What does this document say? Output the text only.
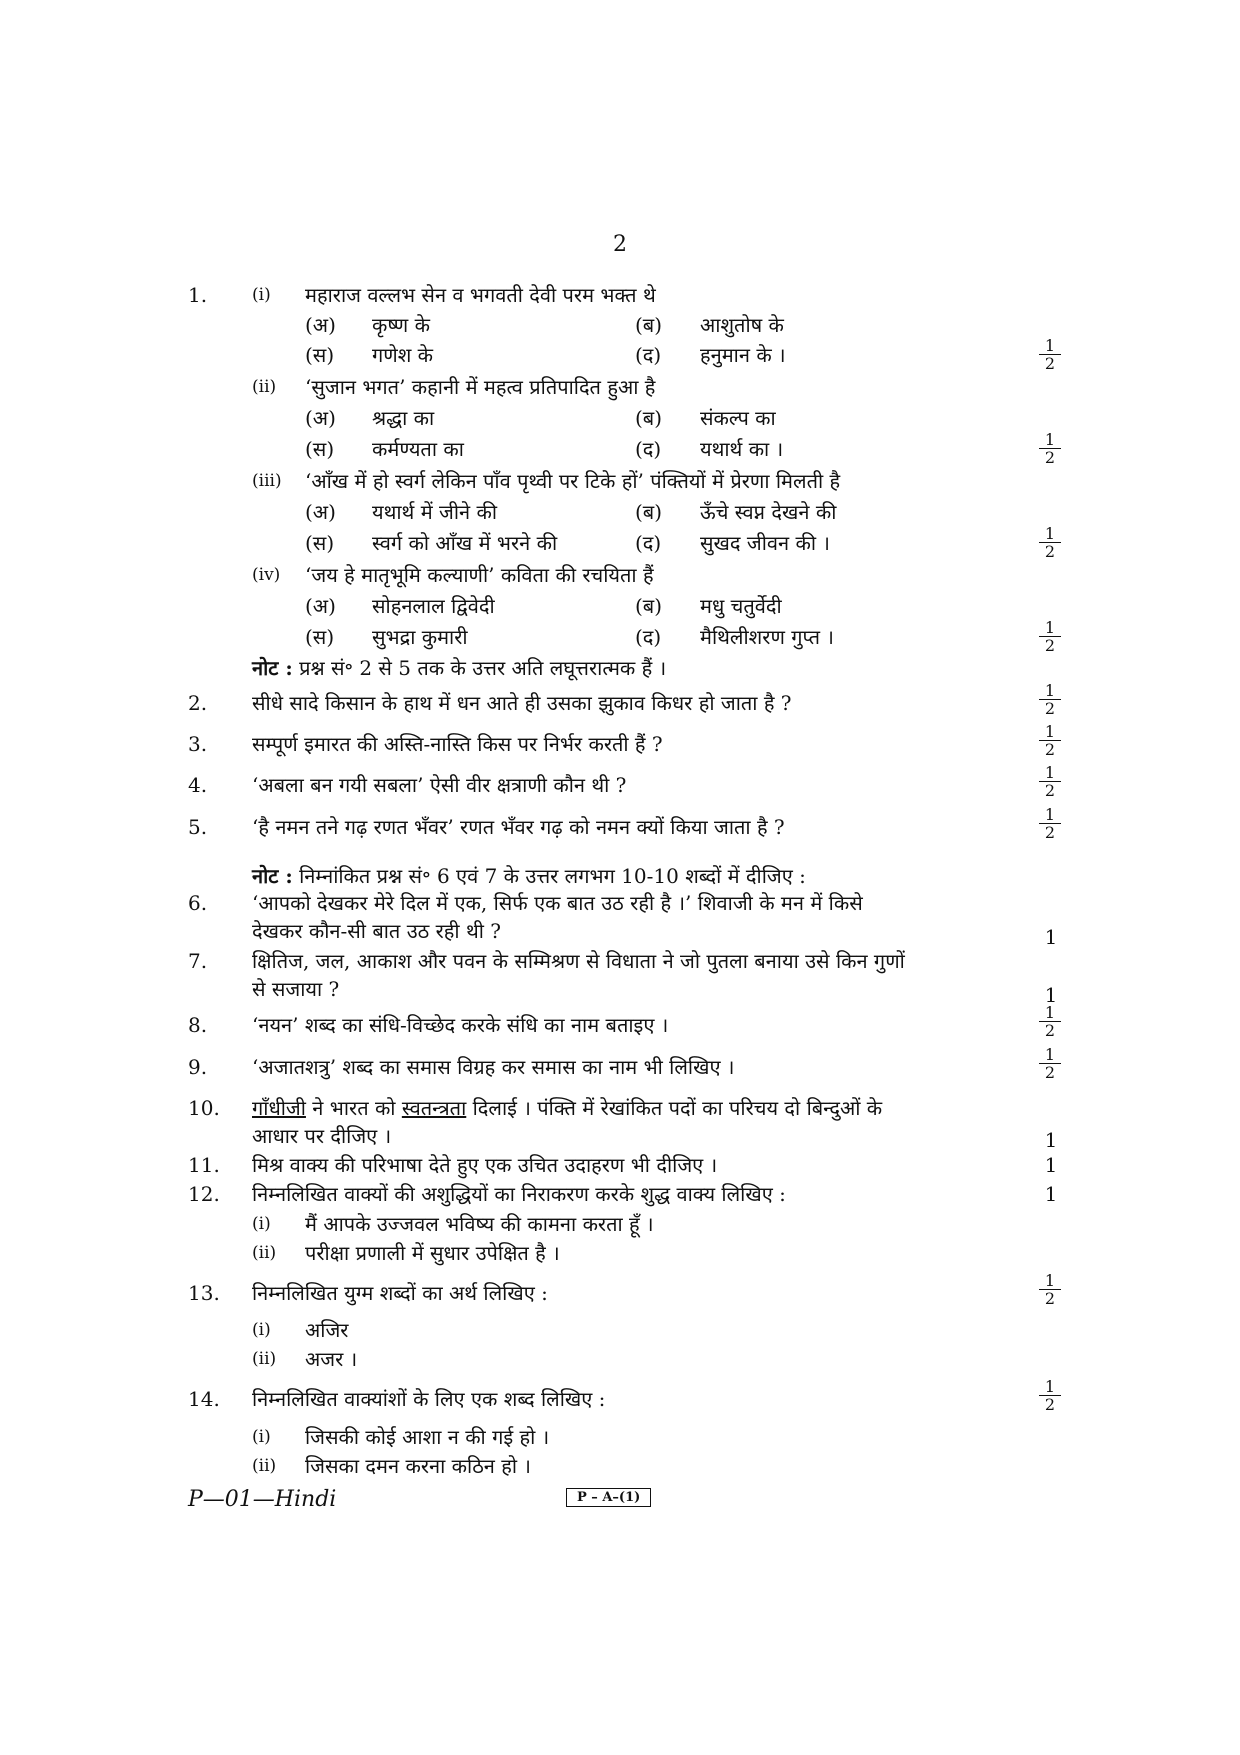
2
1.	(i) महाराज वल्लभ सेन व भगवती देवी परम भक्त थे
(अ) कृष्ण के	(ब) आशुतोष के
(स) गणेश के	(द) हनुमान के ।	1
2
(ii) ‘सुजान भगत’ कहानी में महत्व प्रतिपादित हुआ है
(अ) श्रद्धा का	(ब) संकल्प का
(स) कर्मण्यता का	(द) यथार्थ का ।	1
2
(iii) ‘आँख में हो स्वर्ग लेकिन पाँव पृथ्वी पर टिके हों’ पंक्तियों में प्रेरणा मिलती है
(अ) यथार्थ में जीने की	(ब) ऊँचे स्वप्न देखने की
(स) स्वर्ग को आँख में भरने की	(द) सुखद जीवन की ।	1
2
(iv) ‘जय हे मातृभूमि कल्याणी’ कविता की रचयिता हैं
(अ) सोहनलाल द्विवेदी	(ब) मधु चतुर्वेदी
(स) सुभद्रा कुमारी	(द) मैथिलीशरण गुप्त ।	1
2
नोट : प्रश्न सं॰ 2 से 5 तक के उत्तर अति लघूत्तरात्मक हैं ।
2. सीधे सादे किसान के हाथ में धन आते ही उसका झुकाव किधर हो जाता है ?
1
2
3. सम्पूर्ण इमारत की अस्ति-नास्ति किस पर निर्भर करती हैं ?
1
2
4. ‘अबला बन गयी सबला’ ऐसी वीर क्षत्राणी कौन थी ?
1
2
5. ‘है नमन तने गढ़ रणत भँवर’ रणत भँवर गढ़ को नमन क्यों किया जाता है ?
1
2
नोट : निम्नांकित प्रश्न सं॰ 6 एवं 7 के उत्तर लगभग 10-10 शब्दों में दीजिए :
6. ‘आपको देखकर मेरे दिल में एक, सिर्फ एक बात उठ रही है ।’ शिवाजी के मन में किसे
देखकर कौन-सी बात उठ रही थी ?	1
7. क्षितिज, जल, आकाश और पवन के सम्मिश्रण से विधाता ने जो पुतला बनाया उसे किन गुणों
से सजाया ?	1
8. ‘नयन’ शब्द का संधि-विच्छेद करके संधि का नाम बताइए ।
1
2
9. ‘अजातशत्रु’ शब्द का समास विग्रह कर समास का नाम भी लिखिए ।
1
2
10. गाँधीजी ने भारत को स्वतन्त्रता दिलाई । पंक्ति में रेखांकित पदों का परिचय दो बिन्दुओं के
आधार पर दीजिए ।	1
11. मिश्र वाक्य की परिभाषा देते हुए एक उचित उदाहरण भी दीजिए ।	1
12. निम्नलिखित वाक्यों की अशुद्धियों का निराकरण करके शुद्ध वाक्य लिखिए :	1
(i) मैं आपके उज्जवल भविष्य की कामना करता हूँ ।
(ii) परीक्षा प्रणाली में सुधार उपेक्षित है ।
13. निम्नलिखित युग्म शब्दों का अर्थ लिखिए :
1
2
(i) अजिर
(ii) अजर ।
14. निम्नलिखित वाक्यांशों के लिए एक शब्द लिखिए :
1
2
(i) जिसकी कोई आशा न की गई हो ।
(ii) जिसका दमन करना कठिन हो ।
P—01—Hindi	P – A–(1)
